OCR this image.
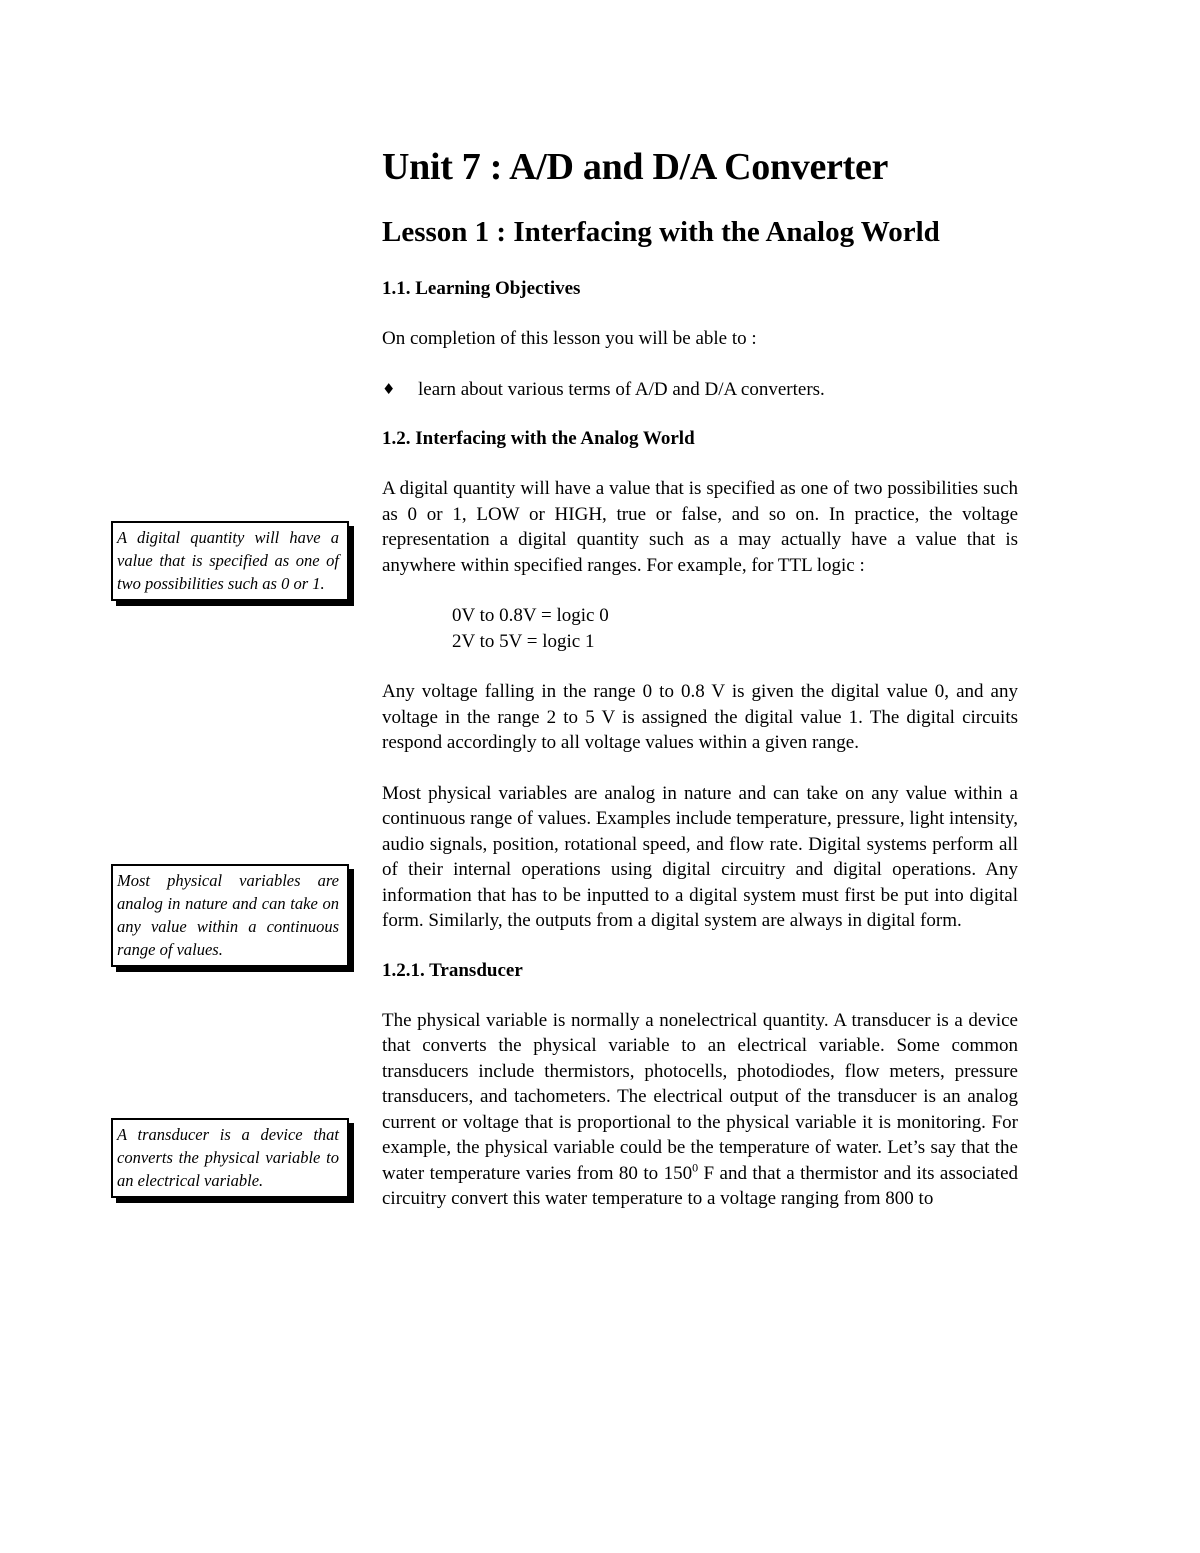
Unit 7 : A/D and D/A Converter
Lesson 1 : Interfacing with the Analog World
1.1. Learning Objectives

On completion of this lesson you will be able to :

♦	learn about various terms of A/D and D/A converters.
1.2. Interfacing with the Analog World

A digital quantity will have a value that is specified as one of two possibilities such as 0 or 1, LOW or HIGH, true or false, and so on. In practice, the voltage representation a digital quantity such as a may actually have a value that is anywhere within specified ranges. For example, for TTL logic :

0V to 0.8V = logic 0
2V to 5V = logic 1

Any voltage falling in the range 0 to 0.8 V is given the digital value 0, and any voltage in the range 2 to 5 V is assigned the digital value 1. The digital circuits respond accordingly to all voltage values within a given range.

Most physical variables are analog in nature and can take on any value within a continuous range of values. Examples include temperature, pressure, light intensity, audio signals, position, rotational speed, and flow rate. Digital systems perform all of their internal operations using digital circuitry and digital operations. Any information that has to be inputted to a digital system must first be put into digital form. Similarly, the outputs from a digital system are always in digital form.

1.2.1. Transducer

The physical variable is normally a nonelectrical quantity. A transducer is a device that converts the physical variable to an electrical variable. Some common transducers include thermistors, photocells, photodiodes, flow meters, pressure transducers, and tachometers. The electrical output of the transducer is an analog current or voltage that is proportional to the physical variable it is monitoring. For example, the physical variable could be the temperature of water. Let’s say that the water temperature varies from 80 to $150^0$ F and that a thermistor and its associated circuitry convert this water temperature to a voltage ranging from 800 to

A digital quantity will have a value that is specified as one of two possibilities such as 0 or 1.
Most physical variables are analog in nature and can take on any value within a continuous range of values.
A transducer is a device that converts the physical variable to an electrical variable.
